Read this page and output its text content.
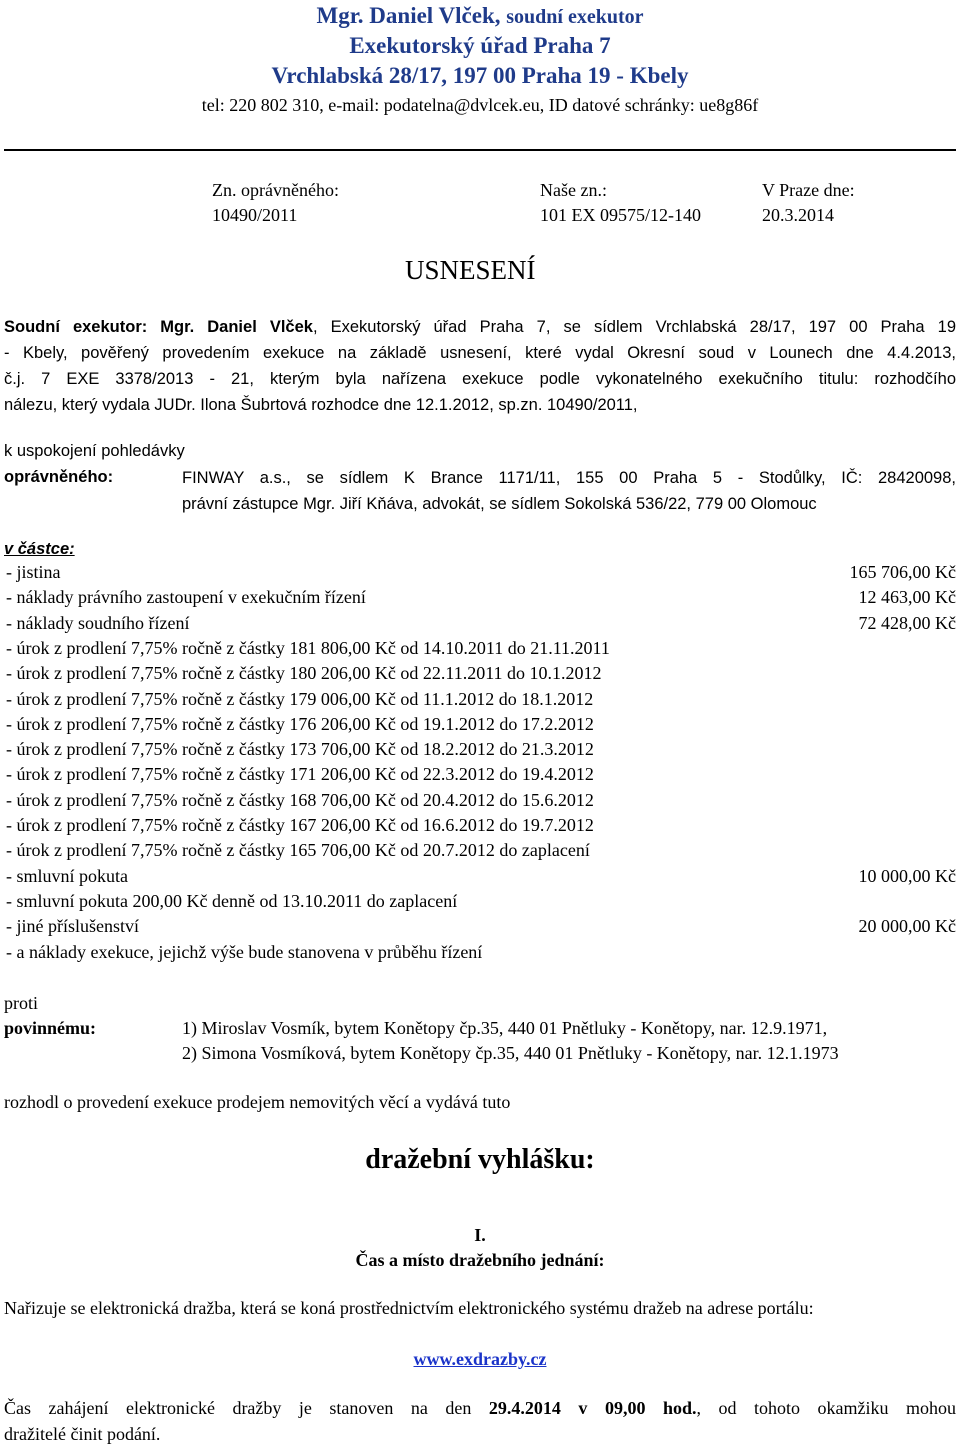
Mgr. Daniel Vlček, soudní exekutor
Exekutorský úřad Praha 7
Vrchlabská 28/17, 197 00 Praha 19 - Kbely
tel: 220 802 310, e-mail: podatelna@dvlcek.eu, ID datové schránky: ue8g86f
Zn. oprávněného:
10490/2011
Naše zn.:
101 EX 09575/12-140
V Praze dne:
20.3.2014
USNESENÍ
Soudní exekutor: Mgr. Daniel Vlček, Exekutorský úřad Praha 7, se sídlem Vrchlabská 28/17, 197 00 Praha 19
- Kbely, pověřený provedením exekuce na základě usnesení, které vydal Okresní soud v Lounech dne 4.4.2013,
č.j. 7 EXE 3378/2013 - 21, kterým byla nařízena exekuce podle vykonatelného exekučního titulu: rozhodčího
nálezu, který vydala JUDr. Ilona Šubrtová rozhodce dne 12.1.2012, sp.zn. 10490/2011,
k uspokojení pohledávky
oprávněného:	FINWAY a.s., se sídlem K Brance 1171/11, 155 00 Praha 5 - Stodůlky, IČ: 28420098,
právní zástupce Mgr. Jiří Kňáva, advokát, se sídlem Sokolská 536/22, 779 00 Olomouc
v částce:
- jistina	165 706,00 Kč
- náklady právního zastoupení v exekučním řízení	12 463,00 Kč
- náklady soudního řízení	72 428,00 Kč
- úrok z prodlení 7,75% ročně z částky 181 806,00 Kč od 14.10.2011 do 21.11.2011
- úrok z prodlení 7,75% ročně z částky 180 206,00 Kč od 22.11.2011 do 10.1.2012
- úrok z prodlení 7,75% ročně z částky 179 006,00 Kč od 11.1.2012 do 18.1.2012
- úrok z prodlení 7,75% ročně z částky 176 206,00 Kč od 19.1.2012 do 17.2.2012
- úrok z prodlení 7,75% ročně z částky 173 706,00 Kč od 18.2.2012 do 21.3.2012
- úrok z prodlení 7,75% ročně z částky 171 206,00 Kč od 22.3.2012 do 19.4.2012
- úrok z prodlení 7,75% ročně z částky 168 706,00 Kč od 20.4.2012 do 15.6.2012
- úrok z prodlení 7,75% ročně z částky 167 206,00 Kč od 16.6.2012 do 19.7.2012
- úrok z prodlení 7,75% ročně z částky 165 706,00 Kč od 20.7.2012 do zaplacení
- smluvní pokuta	10 000,00 Kč
- smluvní pokuta 200,00 Kč denně od 13.10.2011 do zaplacení
- jiné příslušenství	20 000,00 Kč
- a náklady exekuce, jejichž výše bude stanovena v průběhu řízení
proti
povinnému:	1) Miroslav Vosmík, bytem Konětopy čp.35, 440 01 Pnětluky - Konětopy, nar. 12.9.1971,
2) Simona Vosmíková, bytem Konětopy čp.35, 440 01 Pnětluky - Konětopy, nar. 12.1.1973
rozhodl o provedení exekuce prodejem nemovitých věcí a vydává tuto
dražební vyhlášku:
I.
Čas a místo dražebního jednání:
Nařizuje se elektronická dražba, která se koná prostřednictvím elektronického systému dražeb na adrese portálu:
www.exdrazby.cz
Čas zahájení elektronické dražby je stanoven na den 29.4.2014 v 09,00 hod., od tohoto okamžiku mohou
dražitelé činit podání.
